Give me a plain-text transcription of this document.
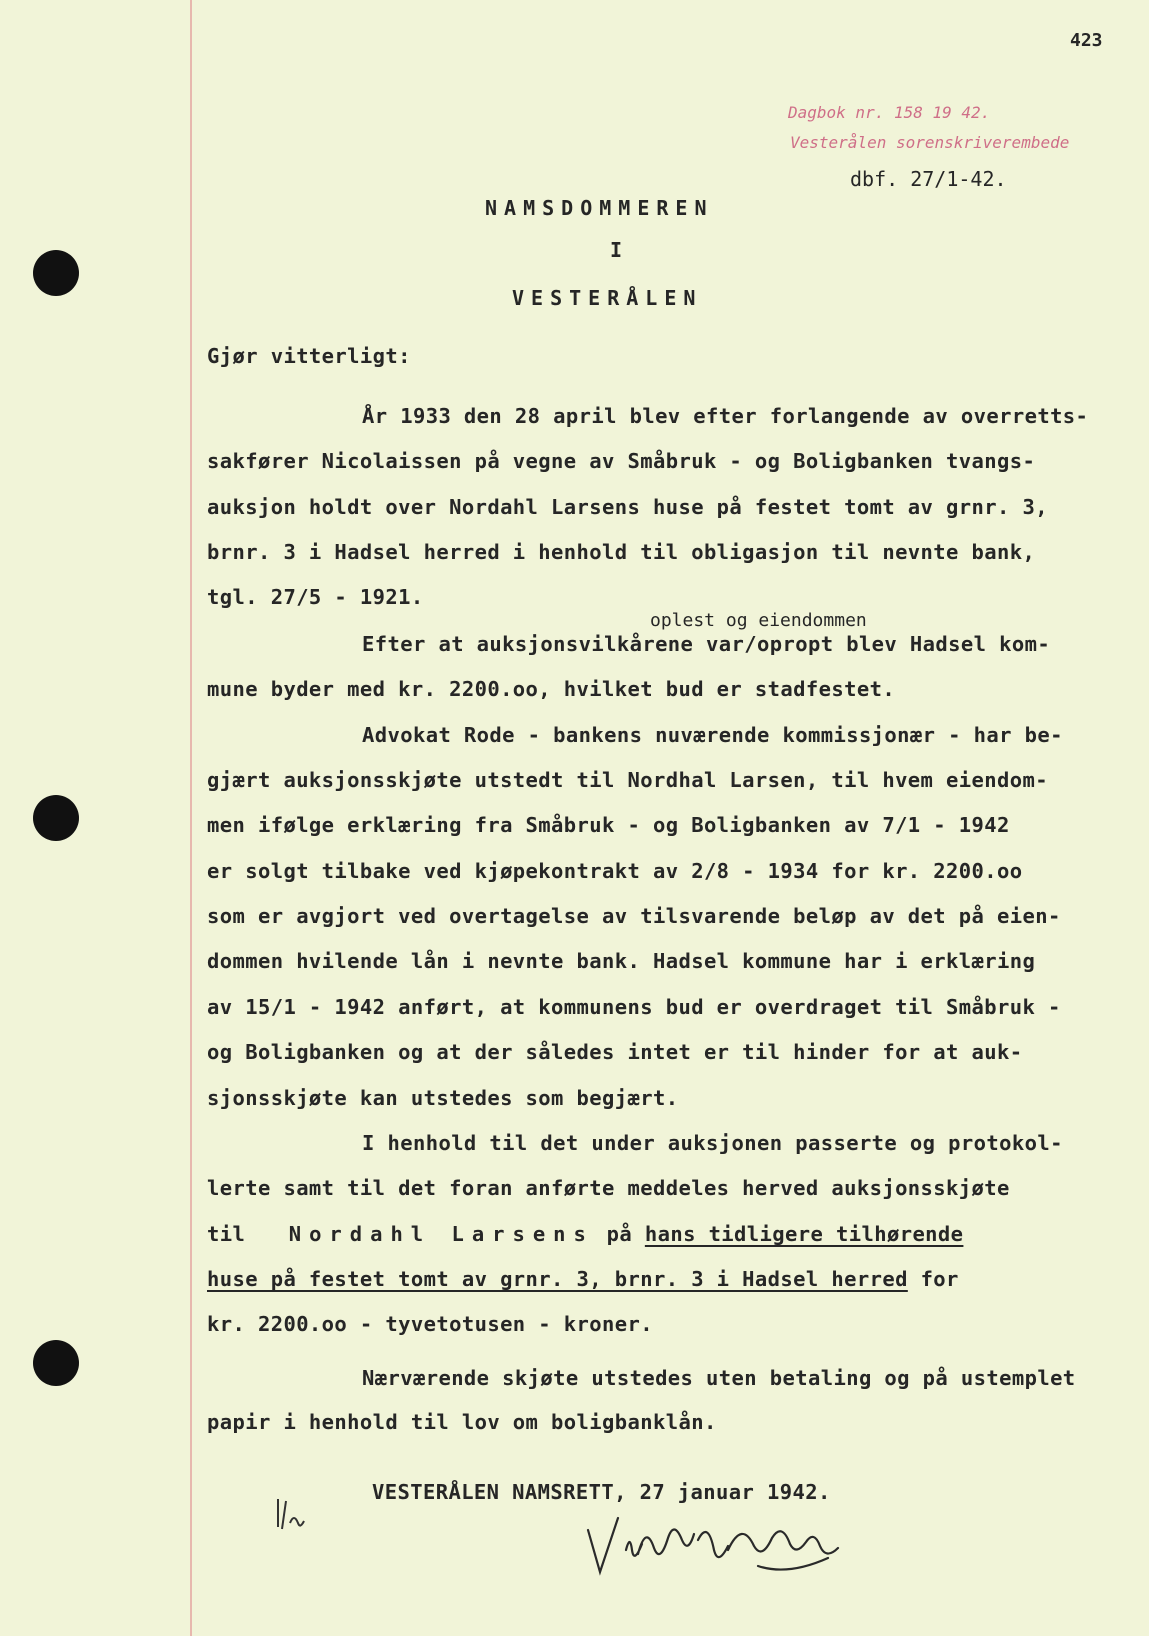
423
Dagbok nr. 158 19 42.
Vesterålen sorenskriverembede
dbf. 27/1-42.
NAMSDOMMEREN
I
VESTERÅLEN
Gjør vitterligt:
År 1933 den 28 april blev efter forlangende av overretts-
sakfører Nicolaissen på vegne av Småbruk - og Boligbanken tvangs-
auksjon holdt over Nordahl Larsens huse på festet tomt av grnr. 3,
brnr. 3 i Hadsel herred i henhold til obligasjon til nevnte bank,
tgl. 27/5 - 1921.
oplest og eiendommen
Efter at auksjonsvilkårene var/opropt blev Hadsel kom-
mune byder med kr. 2200.oo, hvilket bud er stadfestet.
Advokat Rode - bankens nuværende kommissjonær - har be-
gjært auksjonsskjøte utstedt til Nordhal Larsen, til hvem eiendom-
men ifølge erklæring fra Småbruk - og Boligbanken av 7/1 - 1942
er solgt tilbake ved kjøpekontrakt av 2/8 - 1934 for kr. 2200.oo
som er avgjort ved overtagelse av tilsvarende beløp av det på eien-
dommen hvilende lån i nevnte bank. Hadsel kommune har i erklæring
av 15/1 - 1942 anført, at kommunens bud er overdraget til Småbruk -
og Boligbanken og at der således intet er til hinder for at auk-
sjonsskjøte kan utstedes som begjært.
I henhold til det under auksjonen passerte og protokol-
lerte samt til det foran anførte meddeles herved auksjonsskjøte
til Nordahl Larsens på hans tidligere tilhørende
huse på festet tomt av grnr. 3, brnr. 3 i Hadsel herred for
kr. 2200.oo - tyvetotusen - kroner.
Nærværende skjøte utstedes uten betaling og på ustemplet
papir i henhold til lov om boligbanklån.
VESTERÅLEN NAMSRETT, 27 januar 1942.
